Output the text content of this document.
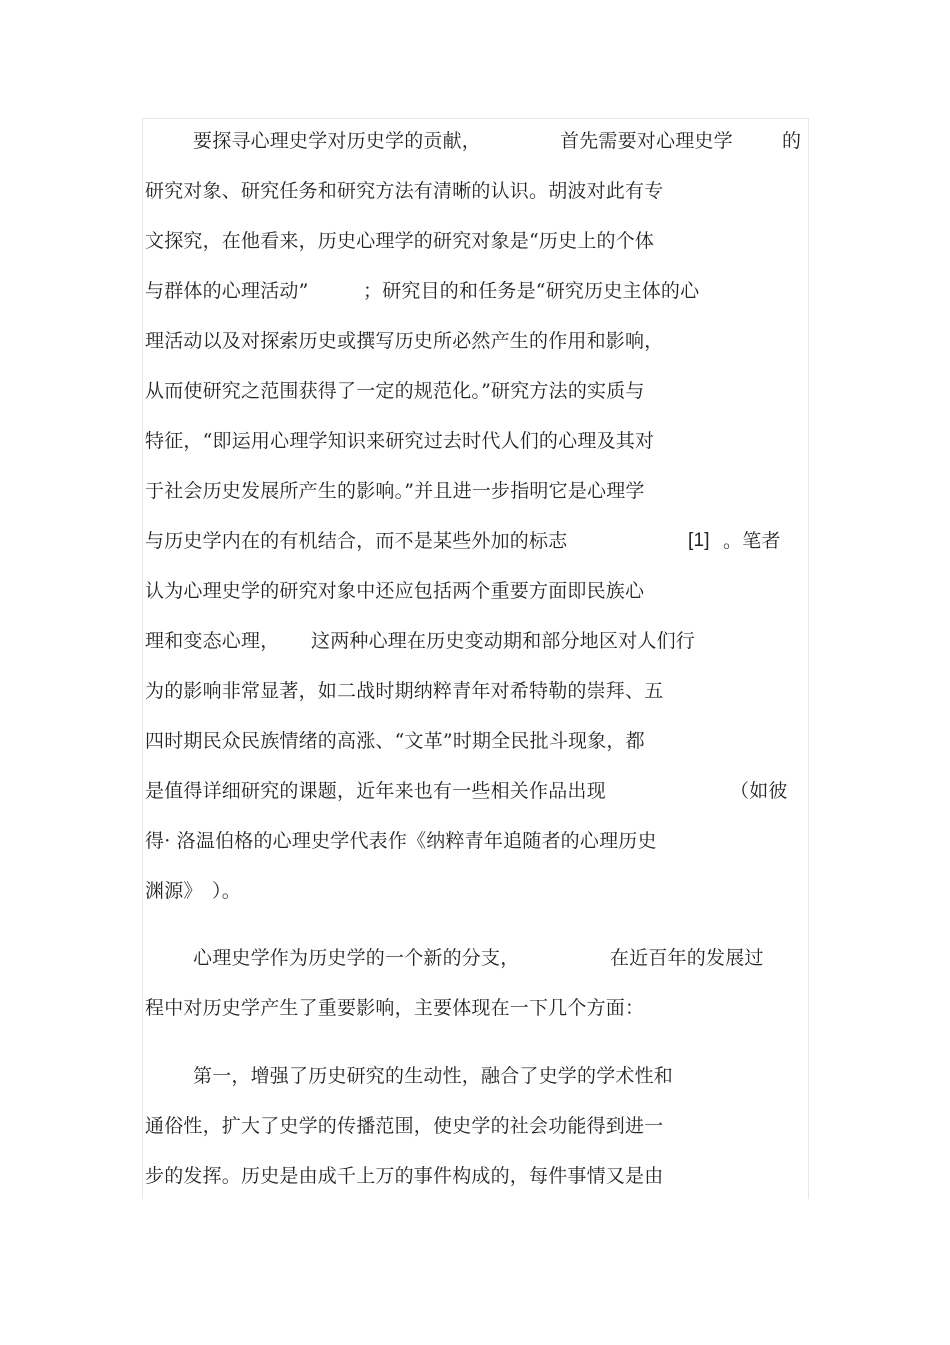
要探寻心理史学对历史学的贡献，

	首先需要对心理史学

	的

研究对象、研究任务和研究方法有清晰的认识。胡波对此有专
文探究，在他看来，历史心理学的研究对象是“历史上的个体

与群体的心理活动”

	；研究目的和任务是“研究历史主体的心

理活动以及对探索历史或撰写历史所必然产生的作用和影响，
从而使研究之范围获得了一定的规范化。”研究方法的实质与
特征，“即运用心理学知识来研究过去时代人们的心理及其对
于社会历史发展所产生的影响。”并且进一步指明它是心理学

与历史学内在的有机结合，而不是某些外加的标志

	[1]

。笔者

认为心理史学的研究对象中还应包括两个重要方面即民族心

理和变态心理，

这两种心理在历史变动期和部分地区对人们行

为的影响非常显著，如二战时期纳粹青年对希特勒的崇拜、五
四时期民众民族情绪的高涨、“文革”时期全民批斗现象，都

是值得详细研究的课题，近年来也有一些相关作品出现

	（如彼

得· 洛温伯格的心理史学代表作《纳粹青年追随者的心理历史

渊源》

）。

心理史学作为历史学的一个新的分支，

	在近百年的发展过

程中对历史学产生了重要影响，主要体现在一下几个方面：
第一，增强了历史研究的生动性，融合了史学的学术性和
通俗性，扩大了史学的传播范围，使史学的社会功能得到进一
步的发挥。历史是由成千上万的事件构成的，每件事情又是由
